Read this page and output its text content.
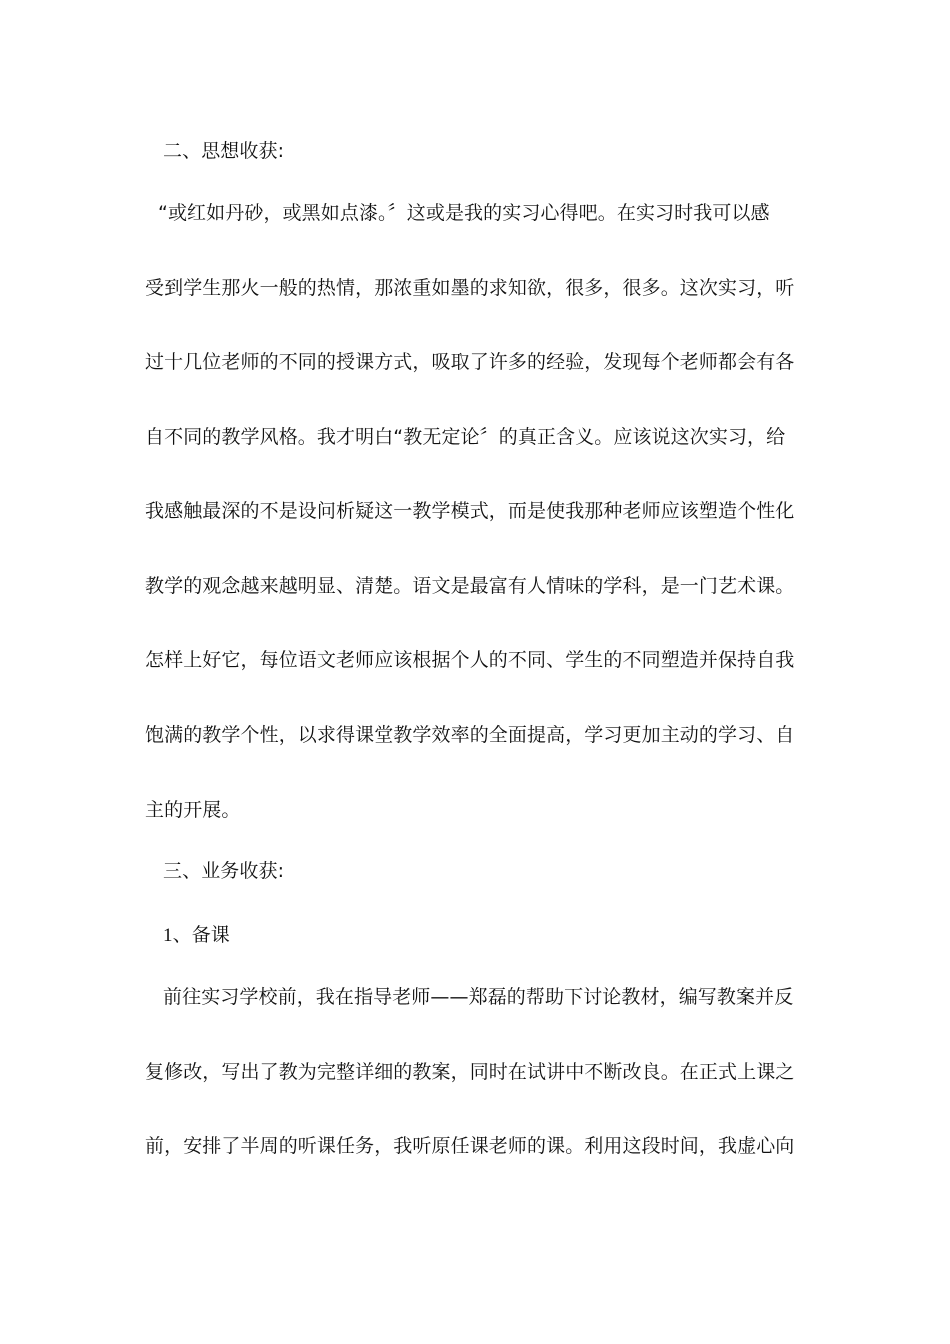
二、思想收获:
“或红如丹砂，或黑如点漆。〞这或是我的实习心得吧。在实习时我可以感
受到学生那火一般的热情，那浓重如墨的求知欲，很多，很多。这次实习，听
过十几位老师的不同的授课方式，吸取了许多的经验，发现每个老师都会有各
自不同的教学风格。我才明白“教无定论〞的真正含义。应该说这次实习，给
我感触最深的不是设问析疑这一教学模式，而是使我那种老师应该塑造个性化
教学的观念越来越明显、清楚。语文是最富有人情味的学科，是一门艺术课。
怎样上好它，每位语文老师应该根据个人的不同、学生的不同塑造并保持自我
饱满的教学个性，以求得课堂教学效率的全面提高，学习更加主动的学习、自
主的开展。
三、业务收获:
1、备课
前往实习学校前，我在指导老师——郑磊的帮助下讨论教材，编写教案并反
复修改，写出了教为完整详细的教案，同时在试讲中不断改良。在正式上课之
前，安排了半周的听课任务，我听原任课老师的课。利用这段时间，我虚心向
